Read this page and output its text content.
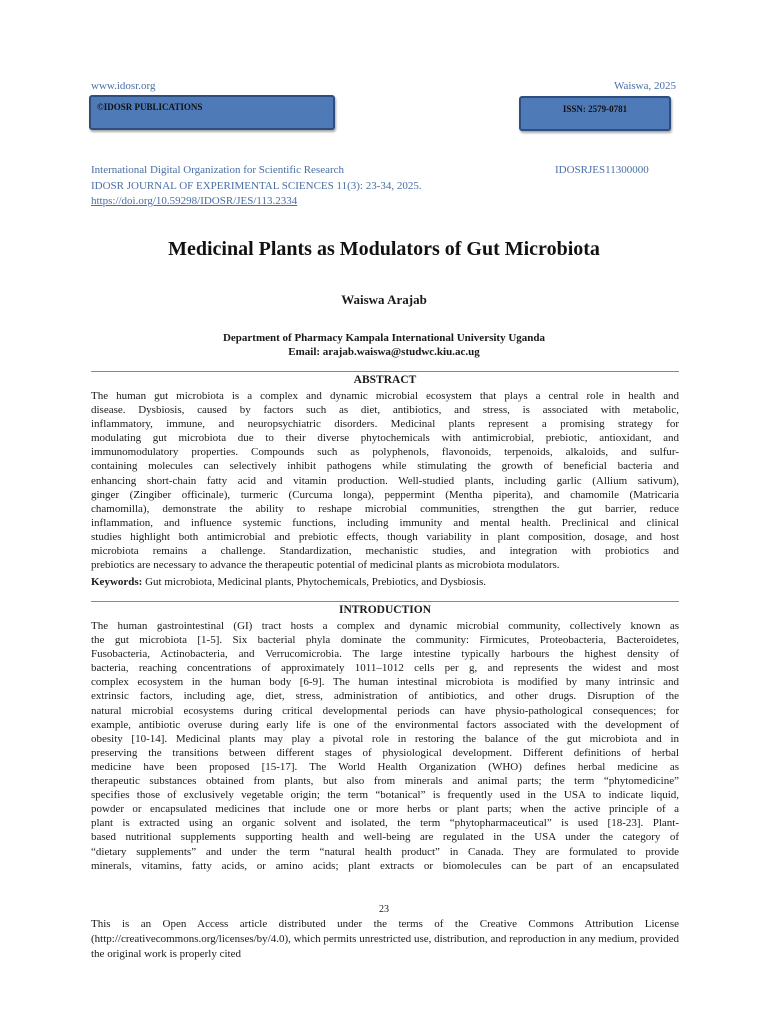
www.idosr.org	Waiswa, 2025
©IDOSR PUBLICATIONS	ISSN: 2579-0781
International Digital Organization for Scientific Research	IDOSRJES11300000
IDOSR JOURNAL OF EXPERIMENTAL SCIENCES 11(3): 23-34, 2025.
https://doi.org/10.59298/IDOSR/JES/113.2334
Medicinal Plants as Modulators of Gut Microbiota
Waiswa Arajab
Department of Pharmacy Kampala International University Uganda
Email: arajab.waiswa@studwc.kiu.ac.ug
ABSTRACT
The human gut microbiota is a complex and dynamic microbial ecosystem that plays a central role in health and
disease. Dysbiosis, caused by factors such as diet, antibiotics, and stress, is associated with metabolic,
inflammatory, immune, and neuropsychiatric disorders. Medicinal plants represent a promising strategy for
modulating gut microbiota due to their diverse phytochemicals with antimicrobial, prebiotic, antioxidant, and
immunomodulatory properties. Compounds such as polyphenols, flavonoids, terpenoids, alkaloids, and sulfur-
containing molecules can selectively inhibit pathogens while stimulating the growth of beneficial bacteria and
enhancing short-chain fatty acid and vitamin production. Well-studied plants, including garlic (Allium sativum),
ginger (Zingiber officinale), turmeric (Curcuma longa), peppermint (Mentha piperita), and chamomile (Matricaria
chamomilla), demonstrate the ability to reshape microbial communities, strengthen the gut barrier, reduce
inflammation, and influence systemic functions, including immunity and mental health. Preclinical and clinical
studies highlight both antimicrobial and prebiotic effects, though variability in plant composition, dosage, and host
microbiota remains a challenge. Standardization, mechanistic studies, and integration with probiotics and
prebiotics are necessary to advance the therapeutic potential of medicinal plants as microbiota modulators.
Keywords: Gut microbiota, Medicinal plants, Phytochemicals, Prebiotics, and Dysbiosis.
INTRODUCTION
The human gastrointestinal (GI) tract hosts a complex and dynamic microbial community, collectively known as
the gut microbiota [1-5]. Six bacterial phyla dominate the community: Firmicutes, Proteobacteria, Bacteroidetes,
Fusobacteria, Actinobacteria, and Verrucomicrobia. The large intestine typically harbours the highest density of
bacteria, reaching concentrations of approximately 1011–1012 cells per g, and represents the widest and most
complex ecosystem in the human body [6-9]. The human intestinal microbiota is modified by many intrinsic and
extrinsic factors, including age, diet, stress, administration of antibiotics, and other drugs. Disruption of the
natural microbial ecosystems during critical developmental periods can have physio-pathological consequences; for
example, antibiotic overuse during early life is one of the environmental factors associated with the development of
obesity [10-14]. Medicinal plants may play a pivotal role in restoring the balance of the gut microbiota and in
preserving the transitions between different stages of physiological development. Different definitions of herbal
medicine have been proposed [15-17]. The World Health Organization (WHO) defines herbal medicine as
therapeutic substances obtained from plants, but also from minerals and animal parts; the term “phytomedicine”
specifies those of exclusively vegetable origin; the term “botanical” is frequently used in the USA to indicate liquid,
powder or encapsulated medicines that include one or more herbs or plant parts; when the active principle of a
plant is extracted using an organic solvent and isolated, the term “phytopharmaceutical” is used [18-23]. Plant-
based nutritional supplements supporting health and well-being are regulated in the USA under the category of
“dietary supplements” and under the term “natural health product” in Canada. They are formulated to provide
minerals, vitamins, fatty acids, or amino acids; plant extracts or biomolecules can be part of an encapsulated
23
This is an Open Access article distributed under the terms of the Creative Commons Attribution License (http://creativecommons.org/licenses/by/4.0), which permits unrestricted use, distribution, and reproduction in any medium, provided the original work is properly cited
